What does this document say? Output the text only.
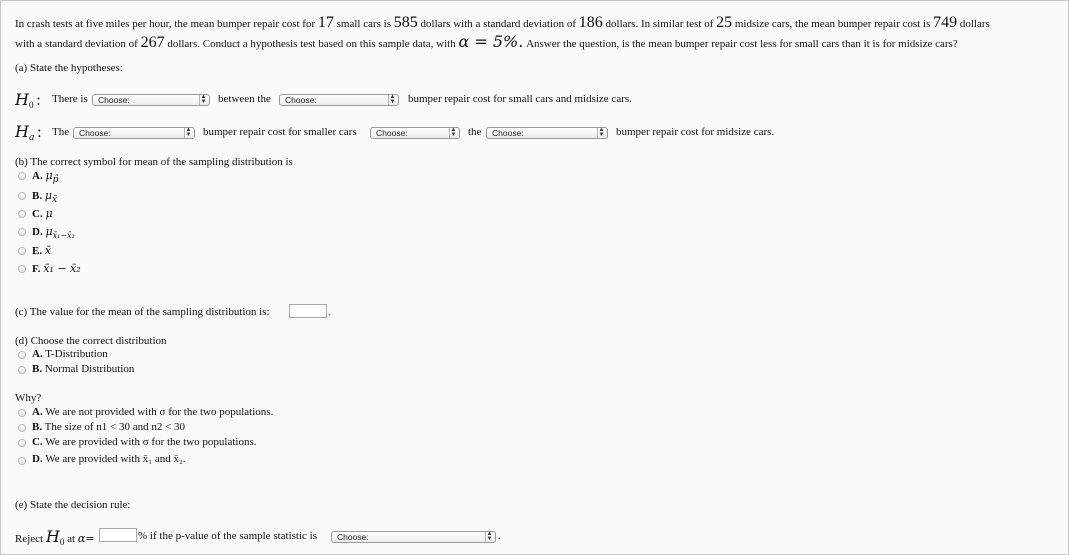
In crash tests at five miles per hour, the mean bumper repair cost for 17 small cars is 585 dollars with a standard deviation of 186 dollars. In similar test of 25 midsize cars, the mean bumper repair cost is 749 dollars
with a standard deviation of 267 dollars. Conduct a hypothesis test based on this sample data, with α = 5%. Answer the question, is the mean bumper repair cost less for small cars than it is for midsize cars?
(a) State the hypotheses:
$H_0$ : There is	Choose:	▲
▼ between the	Choose:	▲
▼ bumper repair cost for small cars and midsize cars.
$H_a$ : The	Choose:	▲
▼ bumper repair cost for smaller cars	Choose:	▲
▼ the	Choose:	▲
▼ bumper repair cost for midsize cars.
(b) The correct symbol for mean of the sampling distribution is
A. $\mu_{p̂}$
B. $\mu_{x̄}$
C. μ
D. $\mu_{x̄_1-x̄_2}$
E. x̄
F. x̄₁ − x̄₂
(c) The value for the mean of the sampling distribution is:	.
(d) Choose the correct distribution
A. T-Distribution
B. Normal Distribution
Why?
A. We are not provided with σ for the two populations.
B. The size of n1 < 30 and n2 < 30
C. We are provided with σ for the two populations.
D. We are provided with x̄₁ and x̄₂.
(e) State the decision rule:
Reject $H_0$ at α=	% if the p-value of the sample statistic is	Choose:	▲
▼ .
